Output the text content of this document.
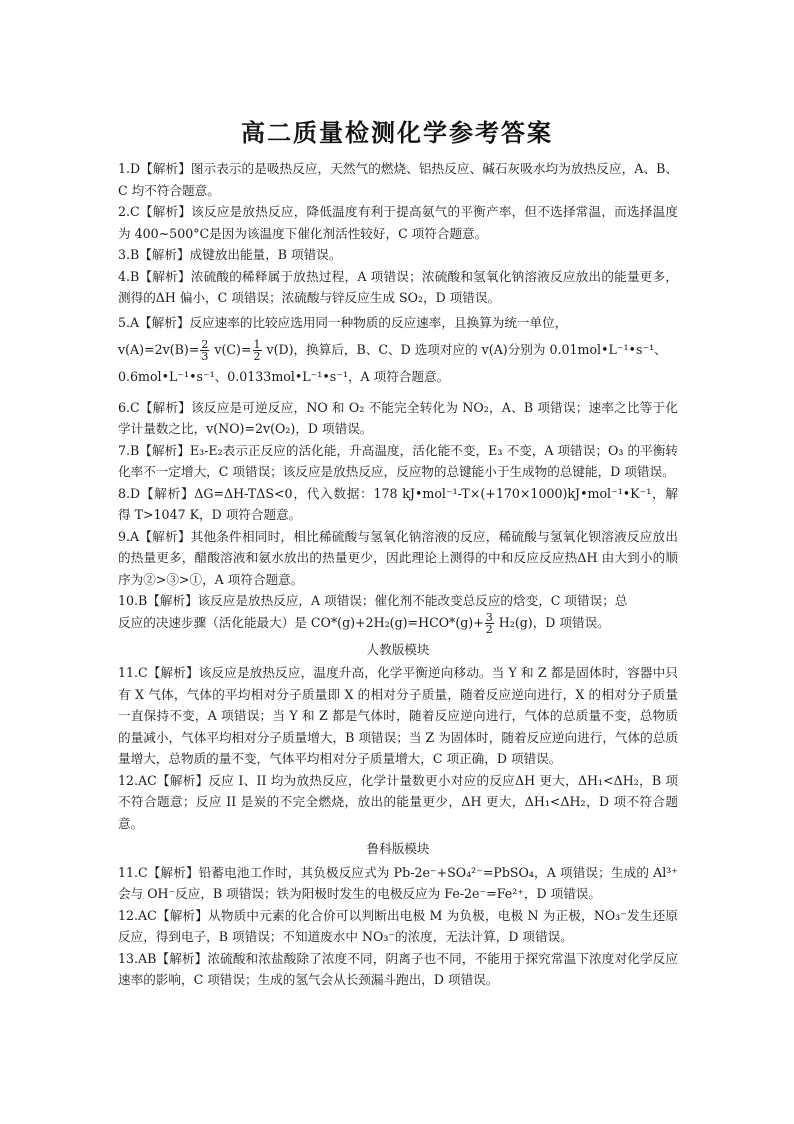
高二质量检测化学参考答案

1.D【解析】图示表示的是吸热反应，天然气的燃烧、铝热反应、碱石灰吸水均为放热反应，A、B、C 均不符合题意。

2.C【解析】该反应是放热反应，降低温度有利于提高氨气的平衡产率，但不选择常温，而选择温度为 400~500°C是因为该温度下催化剂活性较好，C 项符合题意。

3.B【解析】成键放出能量，B 项错误。

4.B【解析】浓硫酸的稀释属于放热过程，A 项错误；浓硫酸和氢氧化钠溶液反应放出的能量更多，测得的ΔH 偏小，C 项错误；浓硫酸与锌反应生成 SO₂，D 项错误。

5.A【解析】反应速率的比较应选用同一种物质的反应速率，且换算为统一单位，
$v(A)=2v(B)= \frac{2}{3} v(C)= \frac{1}{2} v(D)$，换算后，B、C、D 选项对应的 v(A)分别为 0.01mol•L⁻¹•s⁻¹、
0.6mol•L⁻¹•s⁻¹、0.0133mol•L⁻¹•s⁻¹，A 项符合题意。

6.C【解析】该反应是可逆反应，NO 和 O₂ 不能完全转化为 NO₂，A、B 项错误；速率之比等于化学计量数之比，v(NO)=2v(O₂)，D 项错误。

7.B【解析】E₃-E₂表示正反应的活化能，升高温度，活化能不变，E₃ 不变，A 项错误；O₃ 的平衡转化率不一定增大，C 项错误；该反应是放热反应，反应物的总键能小于生成物的总键能，D 项错误。

8.D【解析】ΔG=ΔH-TΔS<0，代入数据：178 kJ•mol⁻¹-T×(+170×1000)kJ•mol⁻¹•K⁻¹，解得 T>1047 K，D 项符合题意。

9.A【解析】其他条件相同时，相比稀硫酸与氢氧化钠溶液的反应，稀硫酸与氢氧化钡溶液反应放出的热量更多，醋酸溶液和氨水放出的热量更少，因此理论上测得的中和反应反应热ΔH 由大到小的顺序为②>③>①，A 项符合题意。

10.B【解析】该反应是放热反应，A 项错误；催化剂不能改变总反应的焓变，C 项错误；总
反应的决速步骤（活化能最大）是 $CO*(g)+2H_2(g)=HCO*(g)+ \frac{3}{2} H_2(g)$，D 项错误。
人教版模块

11.C【解析】该反应是放热反应，温度升高，化学平衡逆向移动。当 Y 和 Z 都是固体时，容器中只有 X 气体，气体的平均相对分子质量即 X 的相对分子质量，随着反应逆向进行，X 的相对分子质量一直保持不变，A 项错误；当 Y 和 Z 都是气体时，随着反应逆向进行，气体的总质量不变，总物质的量减小，气体平均相对分子质量增大，B 项错误；当 Z 为固体时，随着反应逆向进行，气体的总质量增大，总物质的量不变，气体平均相对分子质量增大，C 项正确，D 项错误。

12.AC【解析】反应 I、II 均为放热反应，化学计量数更小对应的反应ΔH 更大，ΔH₁<ΔH₂，B 项不符合题意；反应 II 是炭的不完全燃烧，放出的能量更少，ΔH 更大，ΔH₁<ΔH₂，D 项不符合题意。

鲁科版模块

11.C【解析】铅蓄电池工作时，其负极反应式为 Pb-2e⁻+SO₄²⁻=PbSO₄，A 项错误；生成的 Al³⁺会与 OH⁻反应，B 项错误；铁为阳极时发生的电极反应为 Fe-2e⁻=Fe²⁺，D 项错误。

12.AC【解析】从物质中元素的化合价可以判断出电极 M 为负极，电极 N 为正极，NO₃⁻发生还原反应，得到电子，B 项错误；不知道废水中 NO₃⁻的浓度，无法计算，D 项错误。

13.AB【解析】浓硫酸和浓盐酸除了浓度不同，阴离子也不同，不能用于探究常温下浓度对化学反应速率的影响，C 项错误；生成的氢气会从长颈漏斗跑出，D 项错误。
